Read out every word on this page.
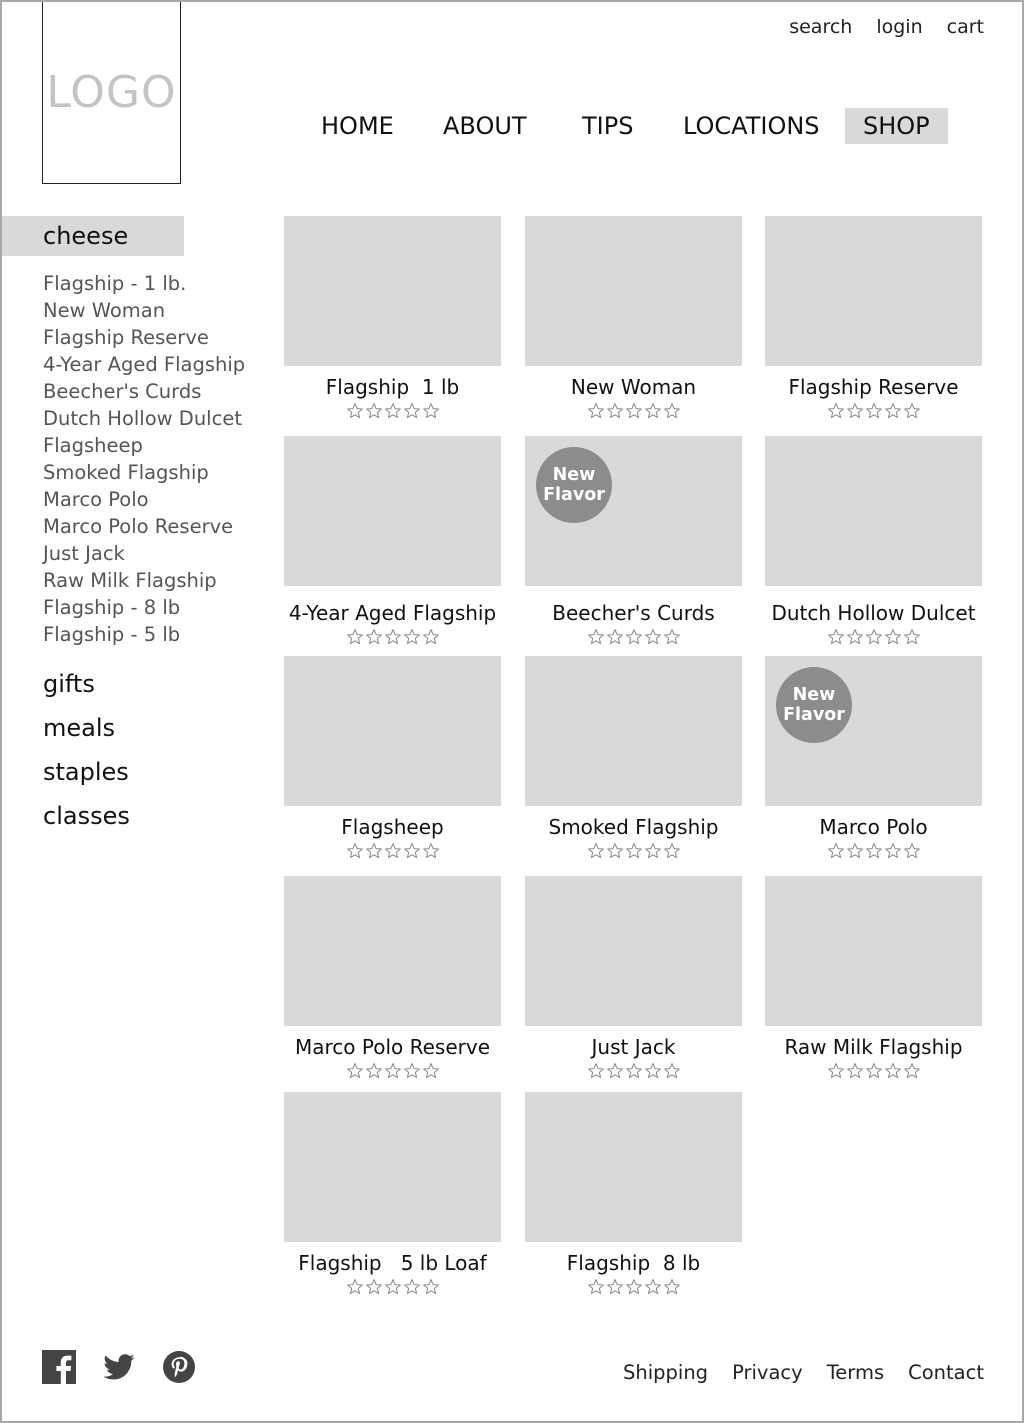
LOGO
search login cart
HOME ABOUT TIPS LOCATIONS	SHOP
cheese
Flagship - 1 lb.
New Woman
Flagship Reserve
4-Year Aged Flagship
Beecher's Curds
Dutch Hollow Dulcet
Flagsheep
Smoked Flagship
Marco Polo
Marco Polo Reserve
Just Jack
Raw Milk Flagship
Flagship - 8 lb
Flagship - 5 lb
gifts
meals
staples
classes
Flagship  1 lb	New Woman	Flagship Reserve
4-Year Aged Flagship
New
Flavor
Beecher's Curds	Dutch Hollow Dulcet
Flagsheep	Smoked Flagship
New
Flavor
Marco Polo
Marco Polo Reserve	Just Jack	Raw Milk Flagship
Flagship   5 lb Loaf	Flagship  8 lb
Shipping Privacy Terms Contact
